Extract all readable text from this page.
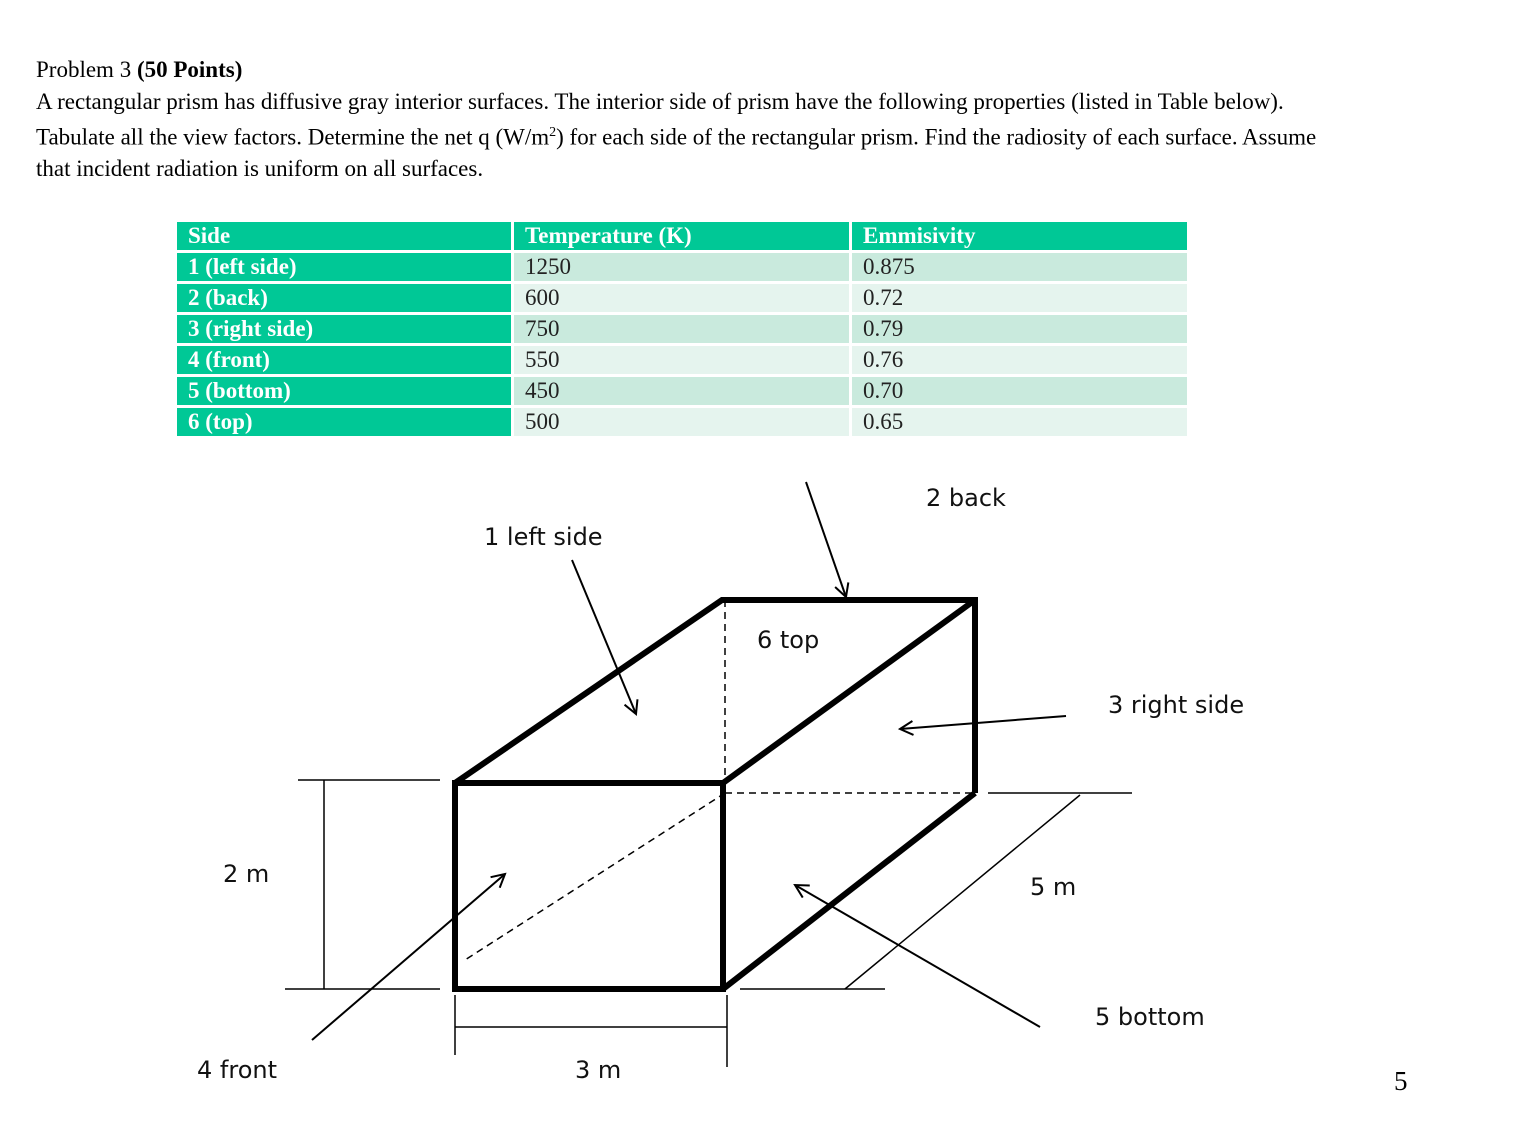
Problem 3 (50 Points)
A rectangular prism has diffusive gray interior surfaces. The interior side of prism have the following properties (listed in Table below).
Tabulate all the view factors. Determine the net q $(W/m^2)$ for each side of the rectangular prism. Find the radiosity of each surface. Assume
that incident radiation is uniform on all surfaces.
Side	Temperature (K)	Emmisivity
1 (left side)	1250	0.875
2 (back)	600	0.72
3 (right side)	750	0.79
4 (front)	550	0.76
5 (bottom)	450	0.70
6 (top)	500	0.65
2 back
1 left side
6 top
3 right side
2 m	5 m
5 bottom
4 front	3 m	5
